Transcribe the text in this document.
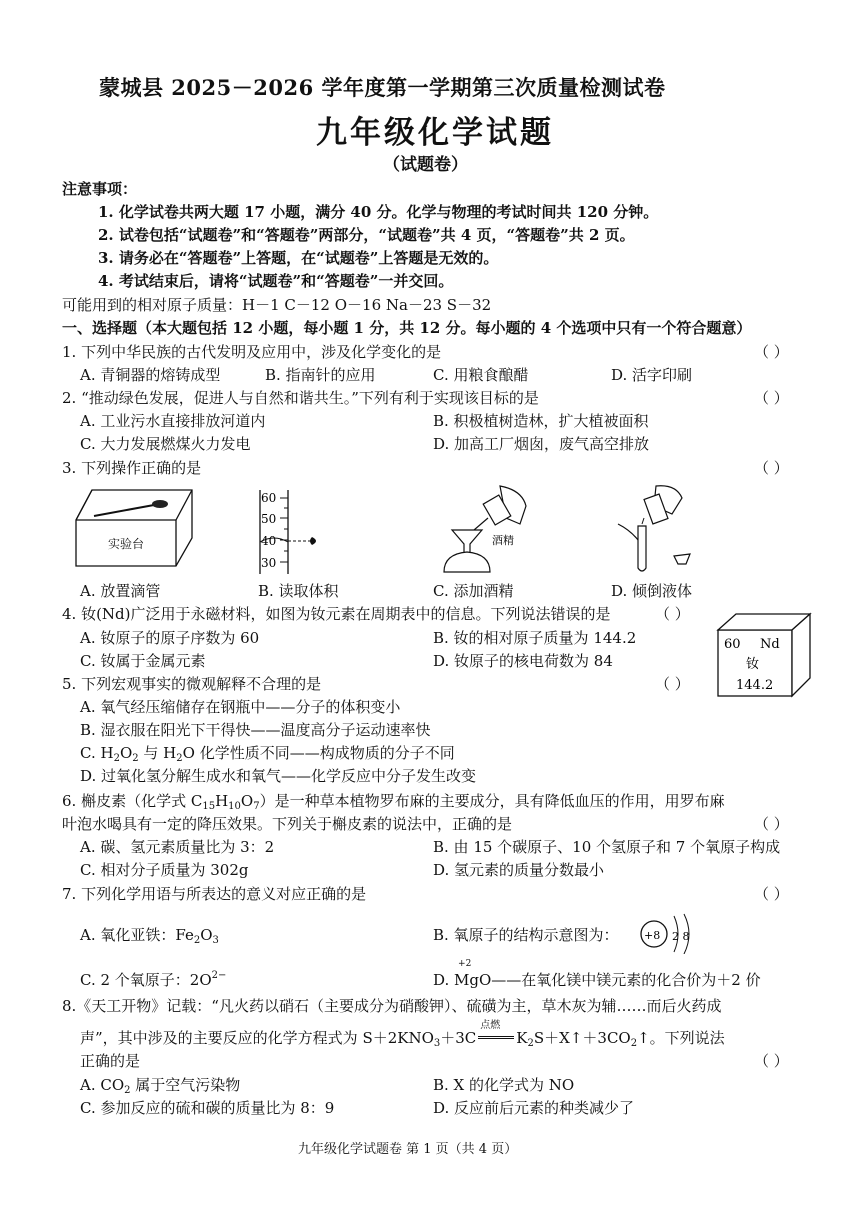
蒙城县 2025－2026 学年度第一学期第三次质量检测试卷
九年级化学试题
（试题卷）
注意事项：
1. 化学试卷共两大题 17 小题，满分 40 分。化学与物理的考试时间共 120 分钟。
2. 试卷包括“试题卷”和“答题卷”两部分，“试题卷”共 4 页，“答题卷”共 2 页。
3. 请务必在“答题卷”上答题，在“试题卷”上答题是无效的。
4. 考试结束后，请将“试题卷”和“答题卷”一并交回。
可能用到的相对原子质量：H－1 C－12 O－16 Na－23 S－32
一、选择题（本大题包括 12 小题，每小题 1 分，共 12 分。每小题的 4 个选项中只有一个符合题意）
1. 下列中华民族的古代发明及应用中，涉及化学变化的是	（ ）
A. 青铜器的熔铸成型	B. 指南针的应用	C. 用粮食酿醋	D. 活字印刷
2. “推动绿色发展，促进人与自然和谐共生。”下列有利于实现该目标的是	（ ）
A. 工业污水直接排放河道内	B. 积极植树造林，扩大植被面积
C. 大力发展燃煤火力发电	D. 加高工厂烟囱，废气高空排放
3. 下列操作正确的是	（ ）
实验台
60
50
40
30
酒精
A. 放置滴管	B. 读取体积	C. 添加酒精	D. 倾倒液体
4. 钕(Nd)广泛用于永磁材料，如图为钕元素在周期表中的信息。下列说法错误的是	（ ）
A. 钕原子的原子序数为 60	B. 钕的相对原子质量为 144.2
C. 钕属于金属元素	D. 钕原子的核电荷数为 84
60 Nd
钕
144.2
5. 下列宏观事实的微观解释不合理的是	（ ）
A. 氧气经压缩储存在钢瓶中——分子的体积变小
B. 湿衣服在阳光下干得快——温度高分子运动速率快
C. $H_2O_2$ 与 $H_2O$ 化学性质不同——构成物质的分子不同
D. 过氧化氢分解生成水和氧气——化学反应中分子发生改变
6. 槲皮素（化学式 $C_{15}H_{10}O_7$）是一种草本植物罗布麻的主要成分，具有降低血压的作用，用罗布麻
叶泡水喝具有一定的降压效果。下列关于槲皮素的说法中，正确的是	（ ）
A. 碳、氢元素质量比为 3：2	B. 由 15 个碳原子、10 个氢原子和 7 个氧原子构成
C. 相对分子质量为 302g	D. 氢元素的质量分数最小
7. 下列化学用语与所表达的意义对应正确的是	（ ）
A. 氧化亚铁：$Fe_2O_3$	B. 氧原子的结构示意图为： +8 2 8
C. 2 个氧原子：$2O^{2-}$	D.
+2
MgO——在氧化镁中镁元素的化合价为＋2 价
8.《天工开物》记载：“凡火药以硝石（主要成分为硝酸钾）、硫磺为主，草木灰为辅……而后火药成
声”，其中涉及的主要反应的化学方程式为 $S+2KNO_3+3C$
点燃
$K_2S+X↑+3CO_2↑$。下列说法
正确的是	（ ）
A. $CO_2$ 属于空气污染物	B. X 的化学式为 NO
C. 参加反应的硫和碳的质量比为 8：9	D. 反应前后元素的种类减少了
九年级化学试题卷 第 1 页（共 4 页）
